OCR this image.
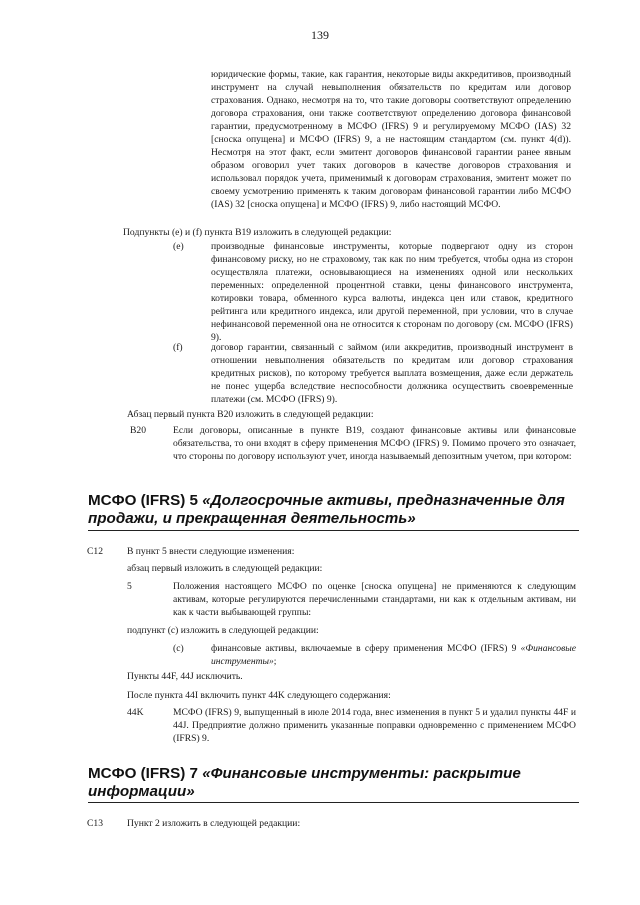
139
юридические формы, такие, как гарантия, некоторые виды аккредитивов, производный инструмент на случай невыполнения обязательств по кредитам или договор страхования. Однако, несмотря на то, что такие договоры соответствуют определению договора страхования, они также соответствуют определению договора финансовой гарантии, предусмотренному в МСФО (IFRS) 9 и регулируемому МСФО (IAS) 32 [сноска опущена] и МСФО (IFRS) 9, а не настоящим стандартом (см. пункт 4(d)). Несмотря на этот факт, если эмитент договоров финансовой гарантии ранее явным образом оговорил учет таких договоров в качестве договоров страхования и использовал порядок учета, применимый к договорам страхования, эмитент может по своему усмотрению применять к таким договорам финансовой гарантии либо МСФО (IAS) 32 [сноска опущена] и МСФО (IFRS) 9, либо настоящий МСФО.
Подпункты (е) и (f) пункта B19 изложить в следующей редакции:
(е)	производные финансовые инструменты, которые подвергают одну из сторон финансовому риску, но не страховому, так как по ним требуется, чтобы одна из сторон осуществляла платежи, основывающиеся на изменениях одной или нескольких переменных: определенной процентной ставки, цены финансового инструмента, котировки товара, обменного курса валюты, индекса цен или ставок, кредитного рейтинга или кредитного индекса, или другой переменной, при условии, что в случае нефинансовой переменной она не относится к сторонам по договору (см. МСФО (IFRS) 9).
(f)	договор гарантии, связанный с займом (или аккредитив, производный инструмент в отношении невыполнения обязательств по кредитам или договор страхования кредитных рисков), по которому требуется выплата возмещения, даже если держатель не понес ущерба вследствие неспособности должника осуществить своевременные платежи (см. МСФО (IFRS) 9).
Абзац первый пункта B20 изложить в следующей редакции:
B20	Если договоры, описанные в пункте B19, создают финансовые активы или финансовые обязательства, то они входят в сферу применения МСФО (IFRS) 9. Помимо прочего это означает, что стороны по договору используют учет, иногда называемый депозитным учетом, при котором:
МСФО (IFRS) 5 «Долгосрочные активы, предназначенные для
продажи, и прекращенная деятельность»
C12	В пункт 5 внести следующие изменения:
абзац первый изложить в следующей редакции:
5	Положения настоящего МСФО по оценке [сноска опущена] не применяются к следующим активам, которые регулируются перечисленными стандартами, ни как к отдельным активам, ни как к части выбывающей группы:
подпункт (с) изложить в следующей редакции:
(с)	финансовые активы, включаемые в сферу применения МСФО (IFRS) 9 «Финансовые инструменты»;
Пункты 44F, 44J исключить.
После пункта 44I включить пункт 44K следующего содержания:
44K	МСФО (IFRS) 9, выпущенный в июле 2014 года, внес изменения в пункт 5 и удалил пункты 44F и 44J. Предприятие должно применить указанные поправки одновременно с применением МСФО (IFRS) 9.
МСФО (IFRS) 7 «Финансовые инструменты: раскрытие
информации»
C13	Пункт 2 изложить в следующей редакции:
